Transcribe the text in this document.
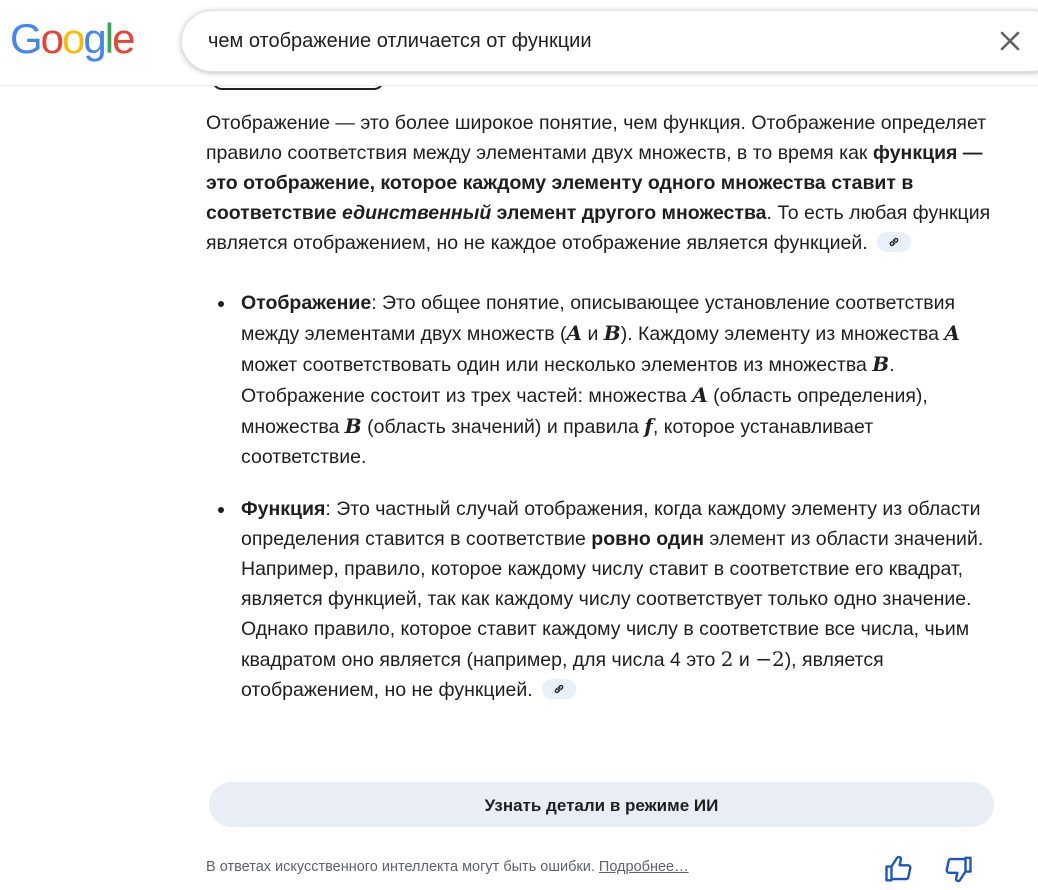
Google
чем отображение отличается от функции

Отображение — это более широкое понятие, чем функция. Отображение определяет правило соответствия между элементами двух множеств, в то время как функция — это отображение, которое каждому элементу одного множества ставит в соответствие единственный элемент другого множества. То есть любая функция является отображением, но не каждое отображение является функцией.

Отображение: Это общее понятие, описывающее установление соответствия между элементами двух множеств (A и B). Каждому элементу из множества A может соответствовать один или несколько элементов из множества B. Отображение состоит из трех частей: множества A (область определения), множества B (область значений) и правила f, которое устанавливает соответствие.
Функция: Это частный случай отображения, когда каждому элементу из области определения ставится в соответствие ровно один элемент из области значений. Например, правило, которое каждому числу ставит в соответствие его квадрат, является функцией, так как каждому числу соответствует только одно значение. Однако правило, которое ставит каждому числу в соответствие все числа, чьим квадратом оно является (например, для числа 4 это 2 и −2), является отображением, но не функцией.
Узнать детали в режиме ИИ
В ответах искусственного интеллекта могут быть ошибки. Подробнее…
